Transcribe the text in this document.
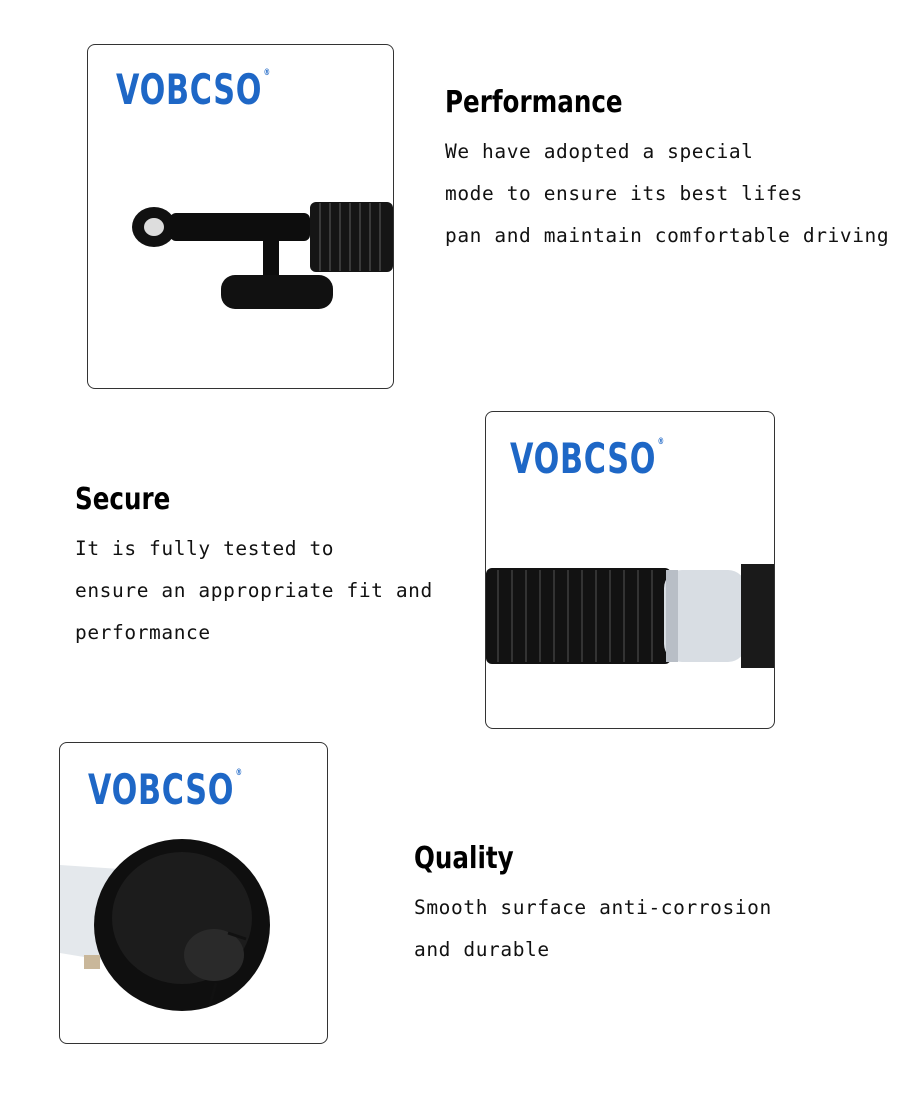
VOBCSO®
Performance

We have adopted a special
mode to ensure its best lifes
pan and maintain comfortable driving

VOBCSO®
Secure

It is fully tested to
ensure an appropriate fit and
performance

VOBCSO®
Quality

Smooth surface anti-corrosion
and durable
